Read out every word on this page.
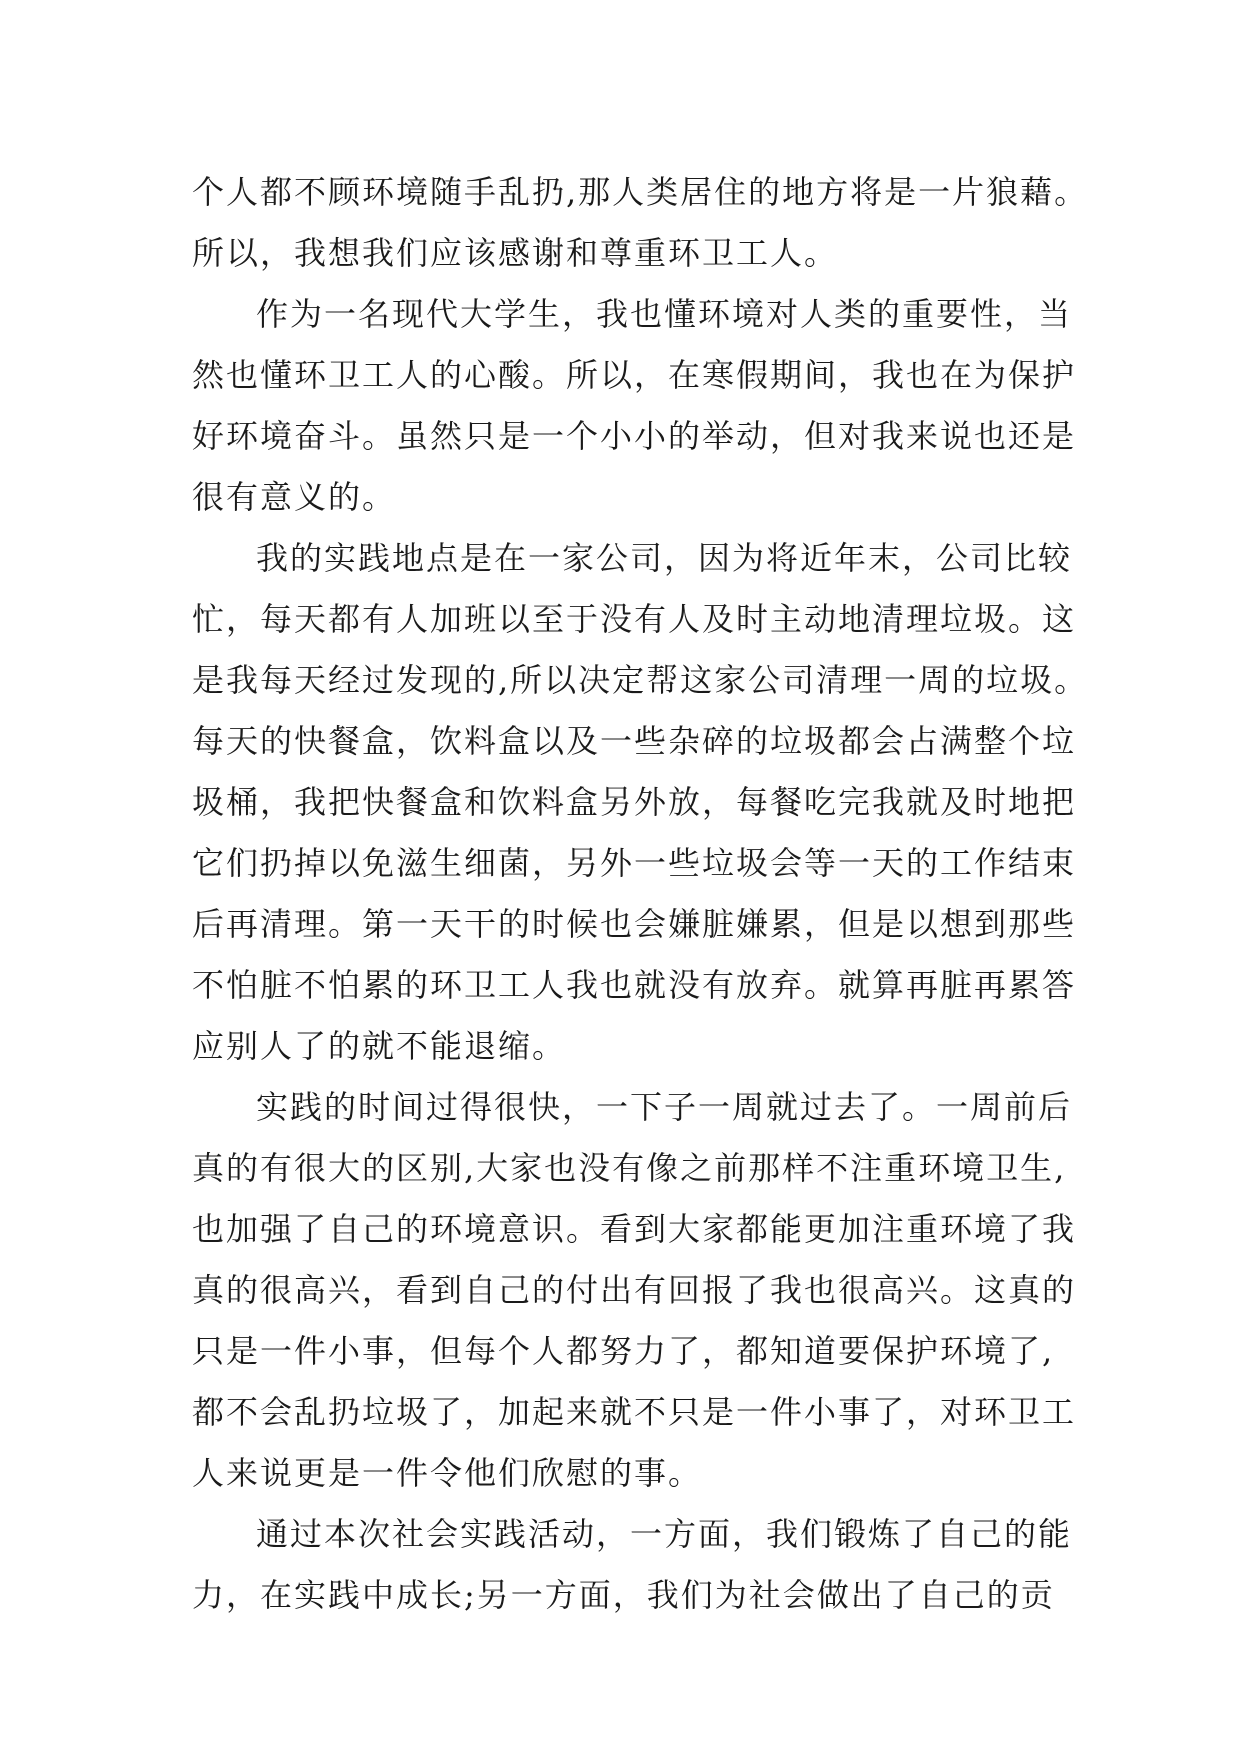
个人都不顾环境随手乱扔,那人类居住的地方将是一片狼藉。
所以，我想我们应该感谢和尊重环卫工人。
作为一名现代大学生，我也懂环境对人类的重要性，当
然也懂环卫工人的心酸。所以，在寒假期间，我也在为保护
好环境奋斗。虽然只是一个小小的举动，但对我来说也还是
很有意义的。
我的实践地点是在一家公司，因为将近年末，公司比较
忙，每天都有人加班以至于没有人及时主动地清理垃圾。这
是我每天经过发现的,所以决定帮这家公司清理一周的垃圾。
每天的快餐盒，饮料盒以及一些杂碎的垃圾都会占满整个垃
圾桶，我把快餐盒和饮料盒另外放，每餐吃完我就及时地把
它们扔掉以免滋生细菌，另外一些垃圾会等一天的工作结束
后再清理。第一天干的时候也会嫌脏嫌累，但是以想到那些
不怕脏不怕累的环卫工人我也就没有放弃。就算再脏再累答
应别人了的就不能退缩。
实践的时间过得很快，一下子一周就过去了。一周前后
真的有很大的区别,大家也没有像之前那样不注重环境卫生,
也加强了自己的环境意识。看到大家都能更加注重环境了我
真的很高兴，看到自己的付出有回报了我也很高兴。这真的
只是一件小事，但每个人都努力了，都知道要保护环境了,
都不会乱扔垃圾了，加起来就不只是一件小事了，对环卫工
人来说更是一件令他们欣慰的事。
通过本次社会实践活动，一方面，我们锻炼了自己的能
力，在实践中成长;另一方面，我们为社会做出了自己的贡
